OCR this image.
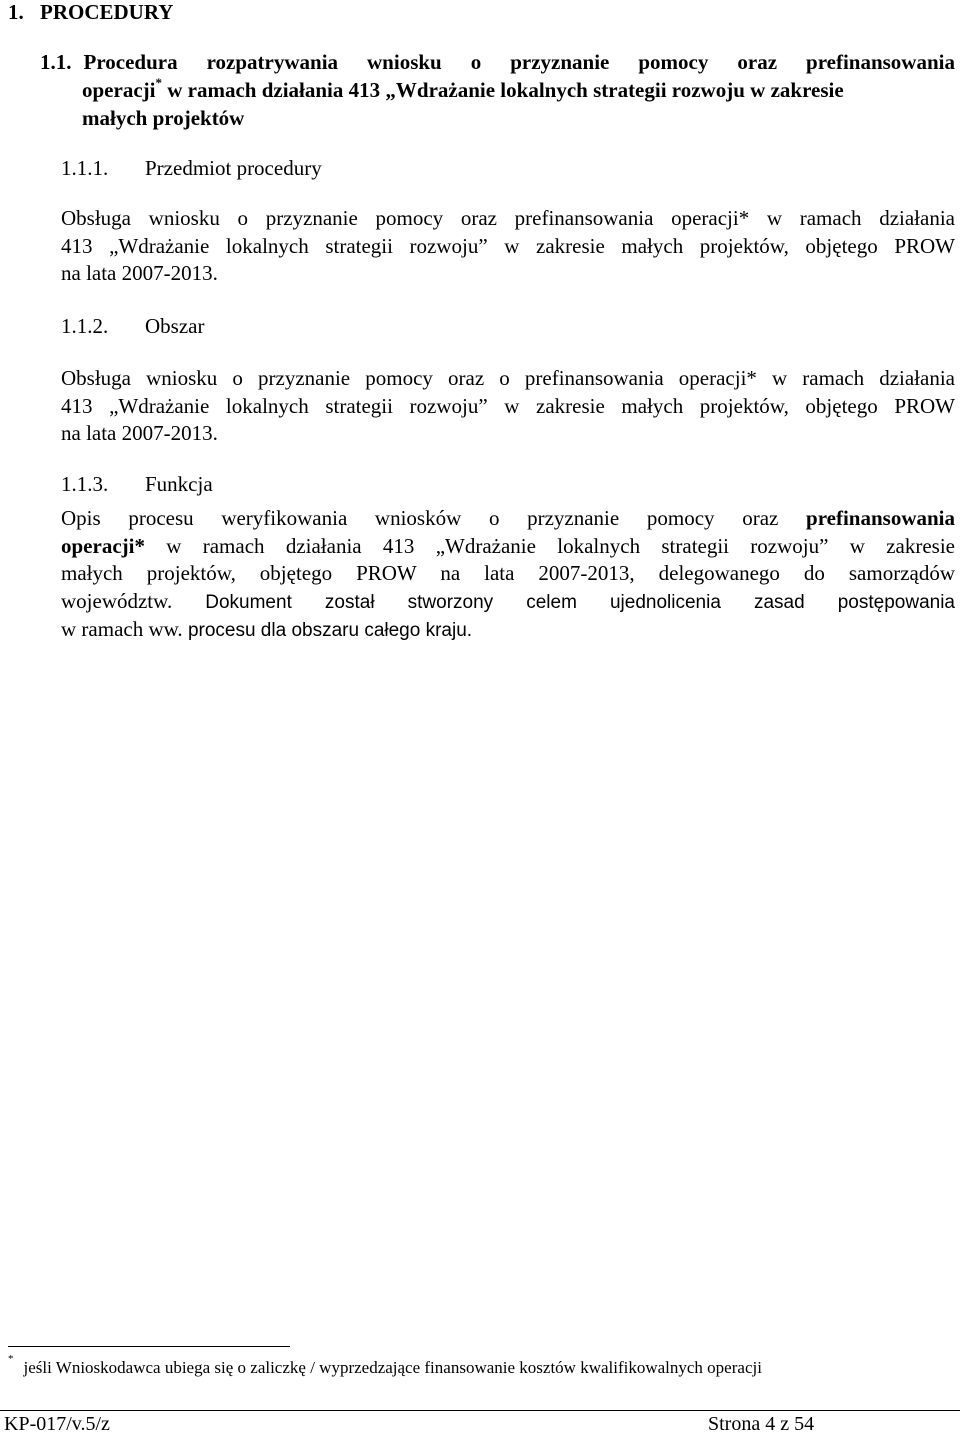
1. PROCEDURY
1.1. Procedura rozpatrywania wniosku o przyznanie pomocy oraz prefinansowania
operacji* w ramach działania 413 „Wdrażanie lokalnych strategii rozwoju w zakresie
małych projektów
1.1.1. Przedmiot procedury
Obsługa wniosku o przyznanie pomocy oraz prefinansowania operacji* w ramach działania
413 „Wdrażanie lokalnych strategii rozwoju” w zakresie małych projektów, objętego PROW
na lata 2007-2013.
1.1.2. Obszar
Obsługa wniosku o przyznanie pomocy oraz o prefinansowania operacji* w ramach działania
413 „Wdrażanie lokalnych strategii rozwoju” w zakresie małych projektów, objętego PROW
na lata 2007-2013.
1.1.3. Funkcja
Opis procesu weryfikowania wniosków o przyznanie pomocy oraz prefinansowania
operacji* w ramach działania 413 „Wdrażanie lokalnych strategii rozwoju” w zakresie
małych projektów, objętego PROW na lata 2007-2013, delegowanego do samorządów
województw. Dokument został stworzony celem ujednolicenia zasad postępowania
w ramach ww. procesu dla obszaru całego kraju.
* jeśli Wnioskodawca ubiega się o zaliczkę / wyprzedzające finansowanie kosztów kwalifikowalnych operacji
KP-017/v.5/z	Strona 4 z 54
